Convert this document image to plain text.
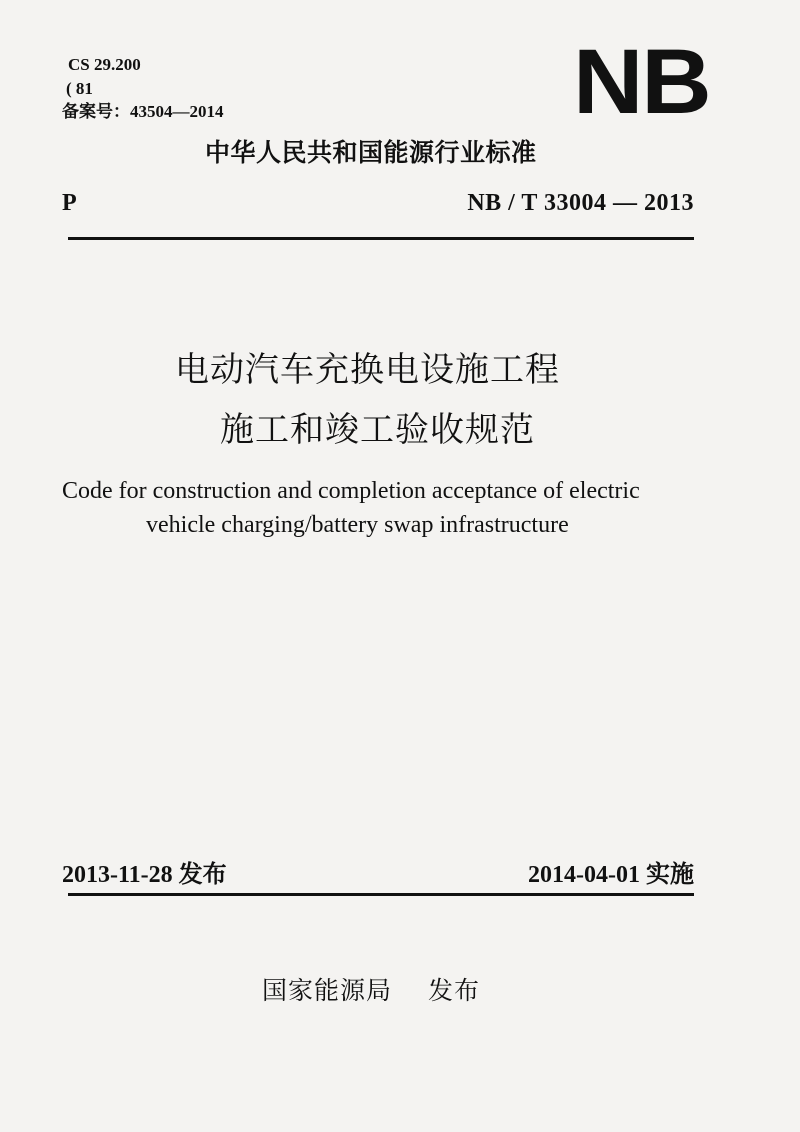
CS 29.200
( 81
备案号：43504—2014	NB
中华人民共和国能源行业标准
P	NB / T 33004 — 2013
电动汽车充换电设施工程
施工和竣工验收规范
Code for construction and completion acceptance of electric
vehicle charging/battery swap infrastructure
2013-11-28 发布	2014-04-01 实施
国家能源局 发布
